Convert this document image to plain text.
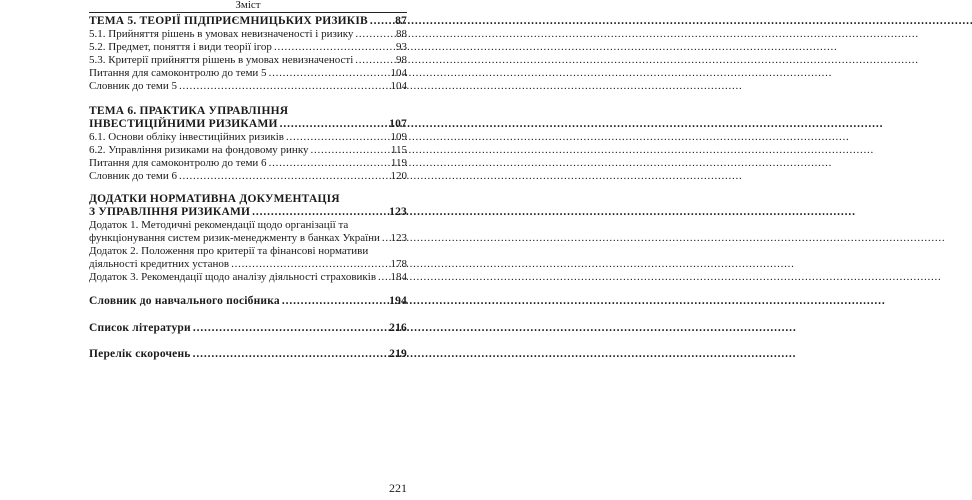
Зміст
ТЕМА 5. ТЕОРІЇ ПІДПРИЄМНИЦЬКИХ РИЗИКІВ . . . 87
5.1. Прийняття рішень в умовах невизначеності і ризику . . .	88
5.2. Предмет, поняття і види теорії ігор . . .	93
5.3. Критерії прийняття рішень в умовах невизначеності . . .	98
Питання для самоконтролю до теми 5 . . .	104
Словник до теми 5 . . .	104
ТЕМА 6. ПРАКТИКА УПРАВЛІННЯ
ІНВЕСТИЦІЙНИМИ РИЗИКАМИ . . .	107
6.1. Основи обліку інвестиційних ризиків . . .	109
6.2. Управління ризиками на фондовому ринку . . .	115
Питання для самоконтролю до теми 6 . . .	119
Словник до теми 6 . . .	120
ДОДАТКИ НОРМАТИВНА ДОКУМЕНТАЦІЯ
З УПРАВЛІННЯ РИЗИКАМИ . . .	123
Додаток 1. Методичні рекомендації щодо організації та
функціонування систем ризик-менеджменту в банках України . . . 123
Додаток 2. Положення про критерії та фінансові нормативи
діяльності кредитних установ . . .	178
Додаток 3. Рекомендації щодо аналізу діяльності страховиків . . . 184
Словник до навчального посібника . . .	194
Список літератури . . .	216
Перелік скорочень . . .	219
221
